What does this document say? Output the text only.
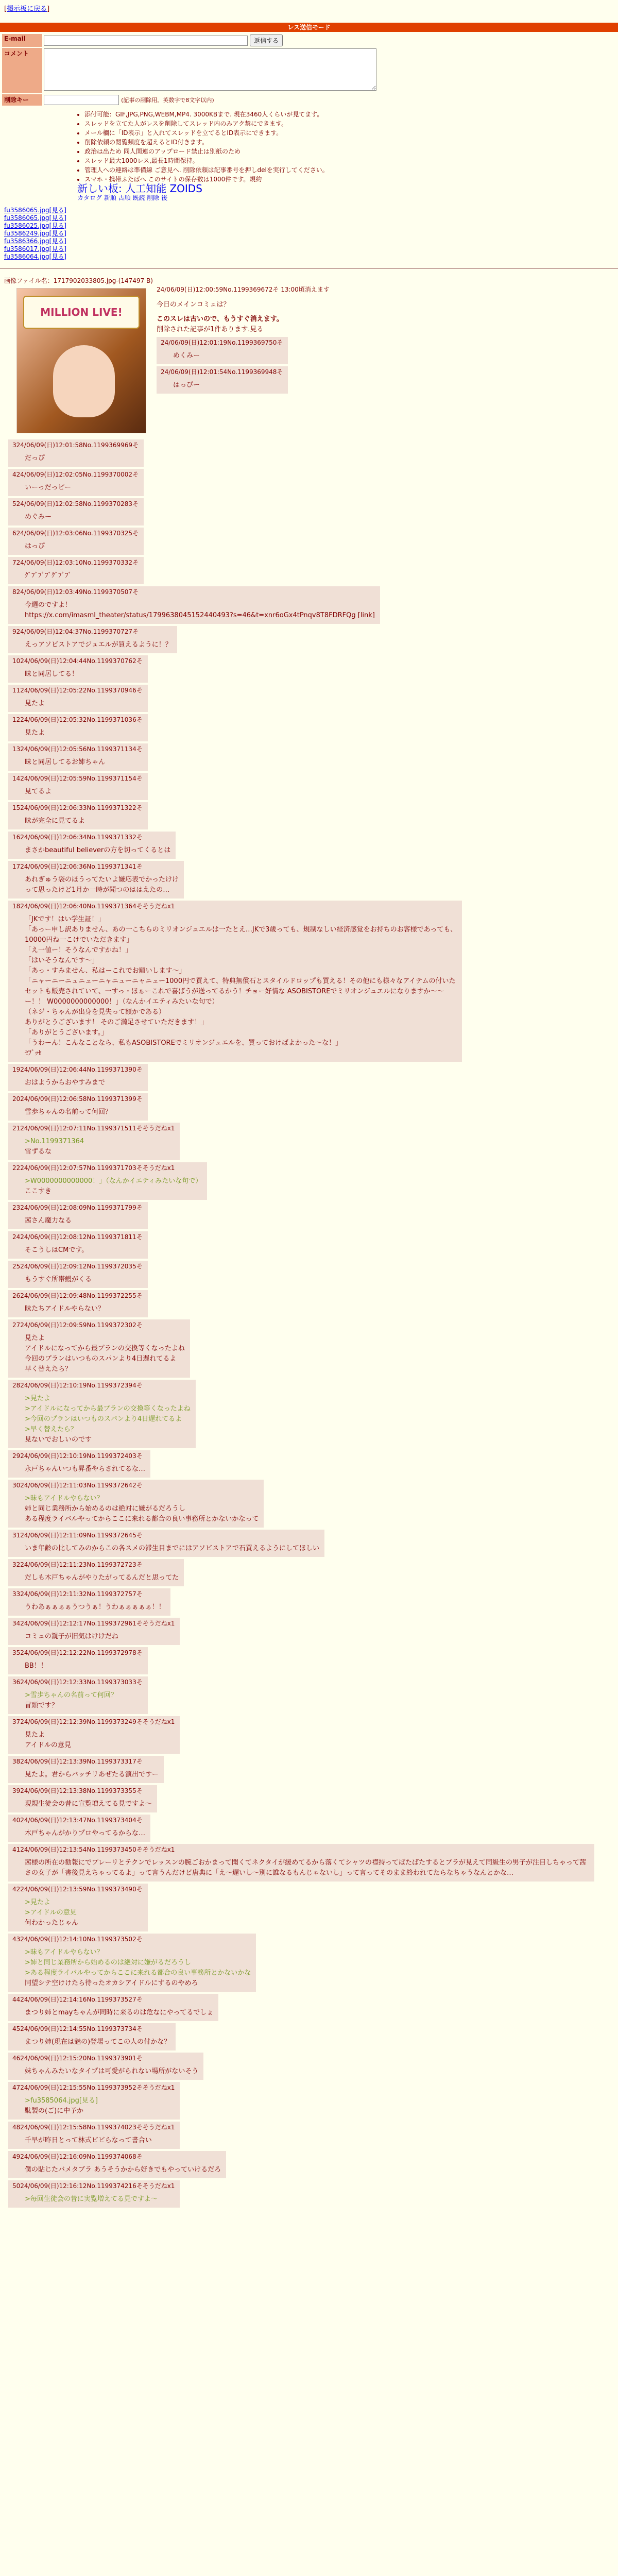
[掲示板に戻る]
レス送信モード
E-mail	返信する
コメント	
削除キー	(記事の削除用。英数字で8文字以内)
• 添付可能：GIF,JPG,PNG,WEBM,MP4. 3000KBまで. 現在3460人くらいが見てます。
• スレッドを立てた人がレスを削除してスレッド内のみアク禁にできます。
• メール欄に「ID表示」と入れてスレッドを立てるとID表示にできます。
• 削除依頼の閲覧頻度を超えるとID付きます。
• 政治は出ため 同人関連のアップロード禁止は別紙のため
• スレッド最大1000レス,最長1時間保持。
• 管理人への連絡は準備線 ご意見へ. 削除依頼は記事番号を押しdelを実行してください。
• スマホ・携帯ふたばへ このサイトの保存数は1000件です。規約
新しい板: 人工知能 ZOIDS
カタログ 新順 古順 既読 削除 後
fu3586065.jpg[見る]
fu3586065.jpg[見る]
fu3586025.jpg[見る]
fu3586249.jpg[見る]
fu3586366.jpg[見る]
fu3586017.jpg[見る]
fu3586064.jpg[見る]
画像ファイル名：1717902033805.jpg-(147497 B)
MILLION LIVE!
24/06/09(日)12:00:59No.1199369672そ 13:00頃消えます
今日のメインコミュは？
このスレは古いので、もうすぐ消えます。
削除された記事が1件あります.見る
24/06/09(日)12:01:19No.1199369750そ
めくみー
24/06/09(日)12:01:54No.1199369948そ
はっぴー
324/06/09(日)12:01:58No.1199369969そ
だっぴ
424/06/09(日)12:02:05No.1199370002そ
いーっだっピー
524/06/09(日)12:02:58No.1199370283そ
めぐみー
624/06/09(日)12:03:06No.1199370325そ
はっぴ
724/06/09(日)12:03:10No.1199370332そ
ｸﾞﾌﾞﾌﾞﾌﾞｸﾞﾌﾞﾌﾞ
824/06/09(日)12:03:49No.1199370507そ
今週のですよ！
https://x.com/imasml_theater/status/1799638045152440493?s=46&t=xnr6oGx4tPnqv8T8FDRFQg [link]
924/06/09(日)12:04:37No.1199370727そ
えっアソビストアでジュエルが買えるように！？
1024/06/09(日)12:04:44No.1199370762そ
昧と同居してる！
1124/06/09(日)12:05:22No.1199370946そ
見たよ
1224/06/09(日)12:05:32No.1199371036そ
見たよ
1324/06/09(日)12:05:56No.1199371134そ
昧と同居してるお姉ちゃん
1424/06/09(日)12:05:59No.1199371154そ
見てるよ
1524/06/09(日)12:06:33No.1199371322そ
昧が完全に見てるよ
1624/06/09(日)12:06:34No.1199371332そ
まさかbeautiful believerの方を切ってくるとは
1724/06/09(日)12:06:36No.1199371341そ
あれぎゅう袋のほうってたいよ嫌応表でかったけけ
って思ったけど1月か一時が聞つのははえたの…
1824/06/09(日)12:06:40No.1199371364そそうだねx1
「JKです！はい学生証！」
「あっー申し訳ありません、あの一こちらのミリオンジュエルは一たとえ…JKで3歳っても、規制なしい経済感覚をお持ちのお客様であっても、
10000円ね一こけでいただきます」
「え一値ー！そうなんですかね！」
「はいそうなんです〜」
「あっ・すみません、私はーこれでお願いします〜」
「ニャーニーニュニューニャニューニャニュー1000円で買えて、特典無償石とスタイルドロップも買える！その他にも様々なアイテムの付いた
セットも販売されていて、一すっ・ほぁーこれで喜ばうが送ってるかう！チョー好情な ASOBISTOREでミリオンジュエルになりますか〜〜
ー！！ W0000000000000！」（なんかイエティみたいな句で）
（ネジ・ちゃんが出身を見失って額かである）
ありがとうございます！ そのご満足させていただきます！」
「ありがとうございます。」
「うわーん！こんなことなら、私もASOBISTOREでミリオンジュエルを、買っておけばよかった〜な！」
ｾﾌﾞｯｾ
1924/06/09(日)12:06:44No.1199371390そ
おはようからおやすみまで
2024/06/09(日)12:06:58No.1199371399そ
雪歩ちゃんの名前って何回？
2124/06/09(日)12:07:11No.1199371511そそうだねx1
>No.1199371364
雪ずるな
2224/06/09(日)12:07:57No.1199371703そそうだねx1
>W0000000000000！」（なんかイエティみたいな句で）
ここすき
2324/06/09(日)12:08:09No.1199371799そ
茜さん魔力なる
2424/06/09(日)12:08:12No.1199371811そ
そこうしはCMです。
2524/06/09(日)12:09:12No.1199372035そ
もうすぐ所帯鰻がくる
2624/06/09(日)12:09:48No.1199372255そ
昧たちアイドルやらない？
2724/06/09(日)12:09:59No.1199372302そ
見たよ
アイドルになってから最プランの交換等くなったよね
今回のプランはいつものスパンより4日遅れてるよ
早く替えたら？
2824/06/09(日)12:10:19No.1199372394そ
>見たよ
>アイドルになってから最プランの交換等くなったよね
>今回のプランはいつものスパンより4日遅れてるよ
>早く替えたら？
見ないでおしいのです
2924/06/09(日)12:10:19No.1199372403そ
永戸ちゃんいつも昇番やらされてるな…
3024/06/09(日)12:11:03No.1199372642そ
>昧もアイドルやらない？
姉と同じ業務所から始めるのは絶対に嫌がるだろうし
ある程度ライバルやってからここに来れる都合の良い事務所とかないかなって
3124/06/09(日)12:11:09No.1199372645そ
いま年齢の比してみのからこの各スメの滞生目までにはアソビストアで石買えるようにしてほしい
3224/06/09(日)12:11:23No.1199372723そ
だしも木戸ちゃんがやりたがってるんだと思ってた
3324/06/09(日)12:11:32No.1199372757そ
うわあぁぁぁぁうつうぁ！うわぁぁぁぁぁ！！
3424/06/09(日)12:12:17No.1199372961そそうだねx1
コミュの親子が旧気はけけだね
3524/06/09(日)12:12:22No.1199372978そ
BB！！
3624/06/09(日)12:12:33No.1199373033そ
>雪歩ちゃんの名前って何回？
冒頭です？
3724/06/09(日)12:12:39No.1199373249そそうだねx1
見たよ
アイドルの意見
3824/06/09(日)12:13:39No.1199373317そ
見たよ。君からバッチリあぜたる演出ですー
3924/06/09(日)12:13:38No.1199373355そ
現規生徒会の昔に宣覧増えてる見ですよ〜
4024/06/09(日)12:13:47No.1199373404そ
木戸ちゃんがかりプロやってるからな…
4124/06/09(日)12:13:54No.1199373450そそうだねx1
茜様の所在の勧報にでプレーリとテクンでレッスンの腕ごおかまって聞くてネクタイが緩めてるから落くてシャツの襟持ってばたばたするとブラが見えて同級生の男子が注目しちゃって茜さの女子が「書後見えちゃってるよ」って言うんだけど唐典に「え〜遅いし〜別に誰なるもんじゃないし」って言ってそのまま終われてたらなちゃうなんとかな…
4224/06/09(日)12:13:59No.1199373490そ
>見たよ
>アイドルの意見
何わかったじゃん
4324/06/09(日)12:14:10No.1199373502そ
>昧もアイドルやらない？
>姉と同じ業務所から始めるのは絶対に嫌がるだろうし
>ある程度ライバルやってからここに来れる都合の良い事務所とかないかな
同望シテ空けけたら待ったオカシアイドルにするのやめろ
4424/06/09(日)12:14:16No.1199373527そ
まつり姉とmayちゃんが同時に来るのは危なにやってるでしょ
4524/06/09(日)12:14:55No.1199373734そ
まつり姉(現在は魅の)登場ってこの人の付かな？
4624/06/09(日)12:15:20No.1199373901そ
妹ちゃんみたいなタイプは可愛がられない場所がないそう
4724/06/09(日)12:15:55No.1199373952そそうだねx1
>fu3585064.jpg[見る]
駄製の(ご)に中予か
4824/06/09(日)12:15:58No.1199374023そそうだねx1
千早が昨日とって林式ビビらなって書合い
4924/06/09(日)12:16:09No.1199374068そ
僕の貼じたバメタブラ あうそうかから好きでもやっていけるだろ
5024/06/09(日)12:16:12No.1199374216そそうだねx1
>毎回生徒会の昔に実覧増えてる見ですよ〜
